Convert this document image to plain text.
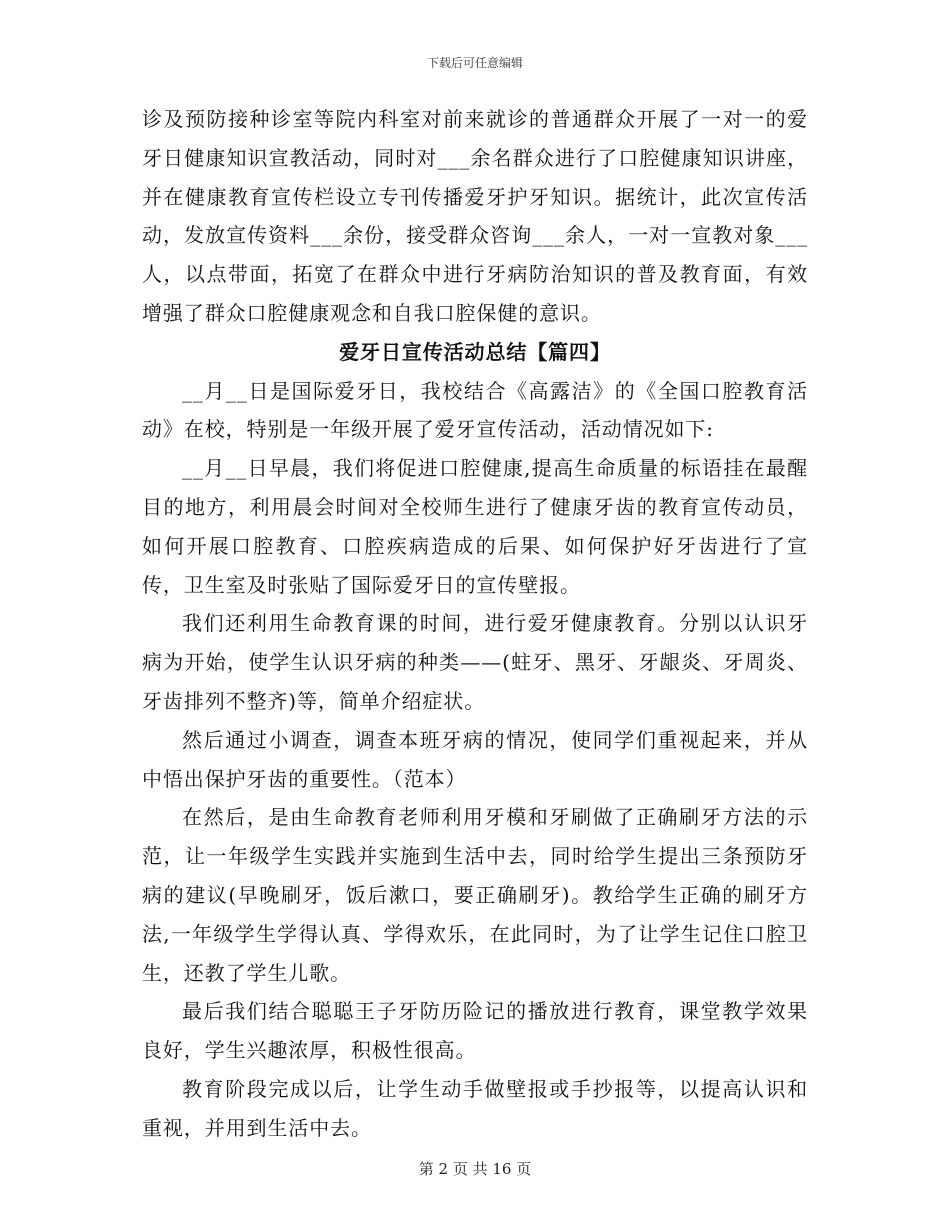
下载后可任意编辑

诊及预防接种诊室等院内科室对前来就诊的普通群众开展了一对一的爱牙日健康知识宣教活动，同时对___余名群众进行了口腔健康知识讲座，并在健康教育宣传栏设立专刊传播爱牙护牙知识。据统计，此次宣传活动，发放宣传资料___余份，接受群众咨询___余人，一对一宣教对象___人，以点带面，拓宽了在群众中进行牙病防治知识的普及教育面，有效增强了群众口腔健康观念和自我口腔保健的意识。

爱牙日宣传活动总结【篇四】

__月__日是国际爱牙日，我校结合《高露洁》的《全国口腔教育活动》在校，特别是一年级开展了爱牙宣传活动，活动情况如下:

__月__日早晨，我们将促进口腔健康,提高生命质量的标语挂在最醒目的地方，利用晨会时间对全校师生进行了健康牙齿的教育宣传动员，如何开展口腔教育、口腔疾病造成的后果、如何保护好牙齿进行了宣传，卫生室及时张贴了国际爱牙日的宣传壁报。

我们还利用生命教育课的时间，进行爱牙健康教育。分别以认识牙病为开始，使学生认识牙病的种类——(蛀牙、黑牙、牙龈炎、牙周炎、牙齿排列不整齐)等，简单介绍症状。

然后通过小调查，调查本班牙病的情况，使同学们重视起来，并从中悟出保护牙齿的重要性。（范本）

在然后，是由生命教育老师利用牙模和牙刷做了正确刷牙方法的示范，让一年级学生实践并实施到生活中去，同时给学生提出三条预防牙病的建议(早晚刷牙，饭后漱口，要正确刷牙)。教给学生正确的刷牙方法,一年级学生学得认真、学得欢乐，在此同时，为了让学生记住口腔卫生，还教了学生儿歌。

最后我们结合聪聪王子牙防历险记的播放进行教育，课堂教学效果良好，学生兴趣浓厚，积极性很高。

教育阶段完成以后，让学生动手做壁报或手抄报等，以提高认识和重视，并用到生活中去。

第 2 页 共 16 页
